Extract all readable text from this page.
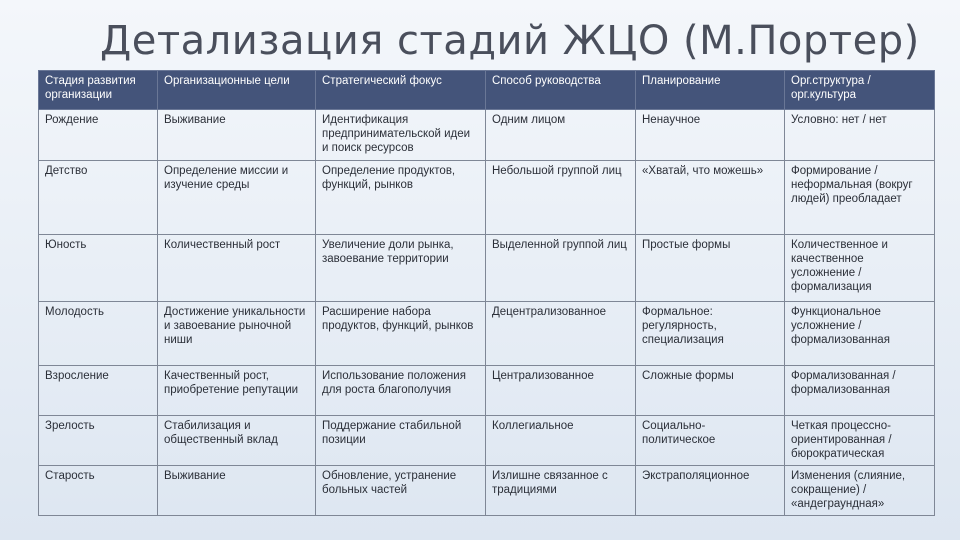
Детализация стадий ЖЦО (М.Портер)
Стадия развития организации	Организационные цели	Стратегический фокус	Способ руководства	Планирование	Орг.структура / орг.культура
Рождение	Выживание	Идентификация предпринимательской идеи и поиск ресурсов	Одним лицом	Ненаучное	Условно: нет / нет
Детство	Определение миссии и изучение среды	Определение продуктов, функций, рынков	Небольшой группой лиц	«Хватай, что можешь»	Формирование / неформальная (вокруг людей) преобладает
Юность	Количественный рост	Увеличение доли рынка, завоевание территории	Выделенной группой лиц	Простые формы	Количественное и качественное усложнение / формализация
Молодость	Достижение уникальности и завоевание рыночной ниши	Расширение набора продуктов, функций, рынков	Децентрализованное	Формальное: регулярность, специализация	Функциональное усложнение / формализованная
Взросление	Качественный рост, приобретение репутации	Использование положения для роста благополучия	Централизованное	Сложные формы	Формализованная / формализованная
Зрелость	Стабилизация и общественный вклад	Поддержание стабильной позиции	Коллегиальное	Социально-политическое	Четкая процессно-ориентированная / бюрократическая
Старость	Выживание	Обновление, устранение больных частей	Излишне связанное с традициями	Экстраполяционное	Изменения (слияние, сокращение) / «андеграундная»
